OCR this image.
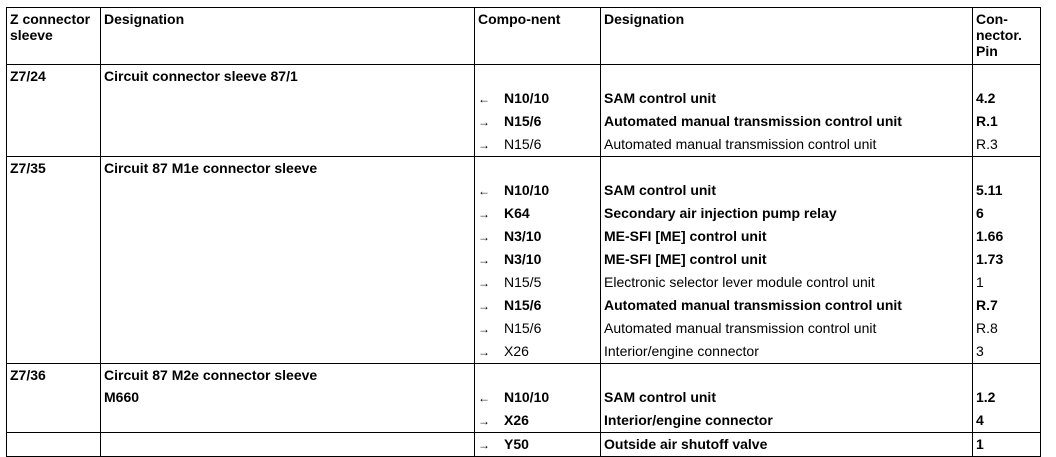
Z connector sleeve	Designation	Compo-nent	Designation	Con-nector. Pin
Z7/24	Circuit connector sleeve 87/1			
		← N10/10	SAM control unit	4.2
		→ N15/6	Automated manual transmission control unit	R.1
		→ N15/6	Automated manual transmission control unit	R.3
Z7/35	Circuit 87 M1e connector sleeve			
		← N10/10	SAM control unit	5.11
		→ K64	Secondary air injection pump relay	6
		→ N3/10	ME-SFI [ME] control unit	1.66
		→ N3/10	ME-SFI [ME] control unit	1.73
		→ N15/5	Electronic selector lever module control unit	1
		→ N15/6	Automated manual transmission control unit	R.7
		→ N15/6	Automated manual transmission control unit	R.8
		→ X26	Interior/engine connector	3
Z7/36	Circuit 87 M2e connector sleeve			
	M660	← N10/10	SAM control unit	1.2
		→ X26	Interior/engine connector	4
		→ Y50	Outside air shutoff valve	1
